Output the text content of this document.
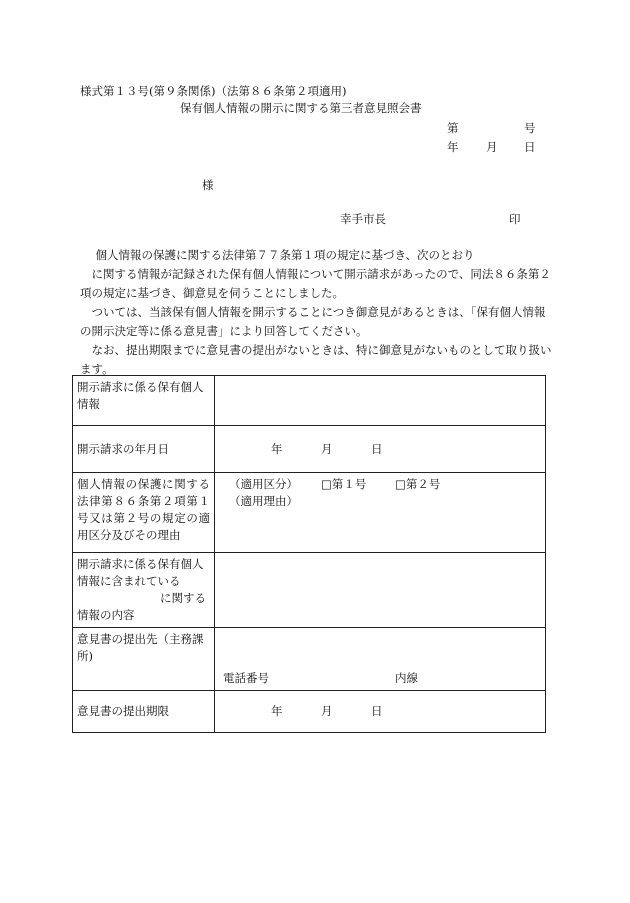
様式第１３号(第９条関係)（法第８６条第２項適用)
保有個人情報の開示に関する第三者意見照会書
第	号
年 月 日
様
幸手市長	印

個人情報の保護に関する法律第７７条第１項の規定に基づき、次のとおり

に関する情報が記録された保有個人情報について開示請求があったので、同法８６条第２項の規定に基づき、御意見を伺うことにしました。

ついては、当該保有個人情報を開示することにつき御意見があるときは、「保有個人情報の開示決定等に係る意見書」により回答してください。

なお、提出期限までに意見書の提出がないときは、特に御意見がないものとして取り扱います。

開示請求に係る保有個人情報	
開示請求の年月日	年 月 日

個人情報の保護に関する法律第８６条第２項第１号又は第２号の規定の適用区分及びその理由	（適用区分） □第１号 □第２号
（適用理由）

開示請求に係る保有個人情報に含まれている
に関する
情報の内容	

意見書の提出先（主務課所)	電話番号 内線

意見書の提出期限	年 月 日
